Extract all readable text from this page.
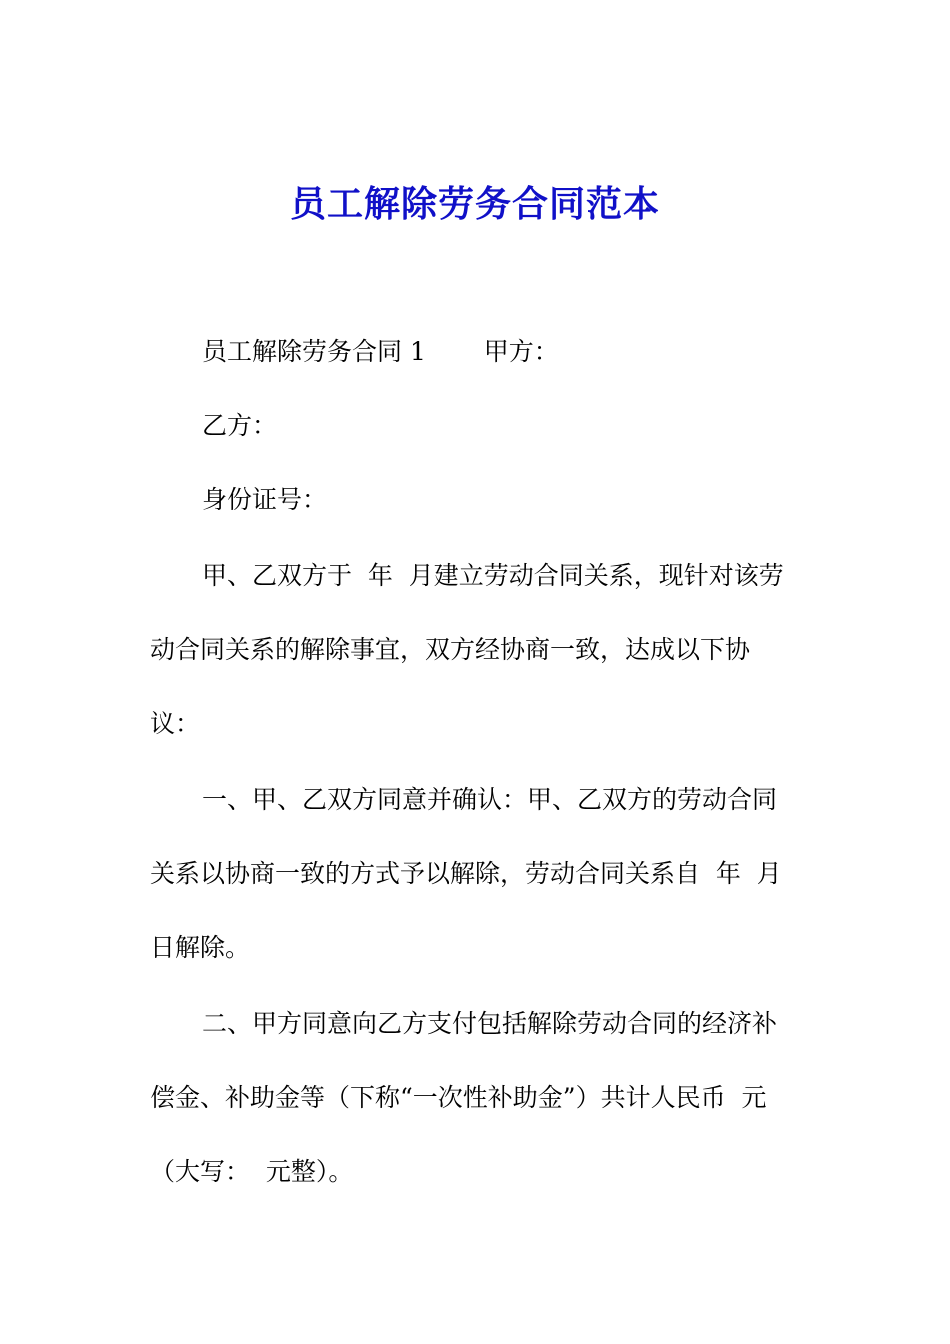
员工解除劳务合同范本
员工解除劳务合同 1　　 甲方：
乙方：
身份证号：
甲、乙双方于  年  月建立劳动合同关系，现针对该劳
动合同关系的解除事宜，双方经协商一致，达成以下协
议：
一、甲、乙双方同意并确认：甲、乙双方的劳动合同
关系以协商一致的方式予以解除，劳动合同关系自  年  月
日解除。
二、甲方同意向乙方支付包括解除劳动合同的经济补
偿金、补助金等（下称“一次性补助金”）共计人民币  元
（大写：  元整）。
